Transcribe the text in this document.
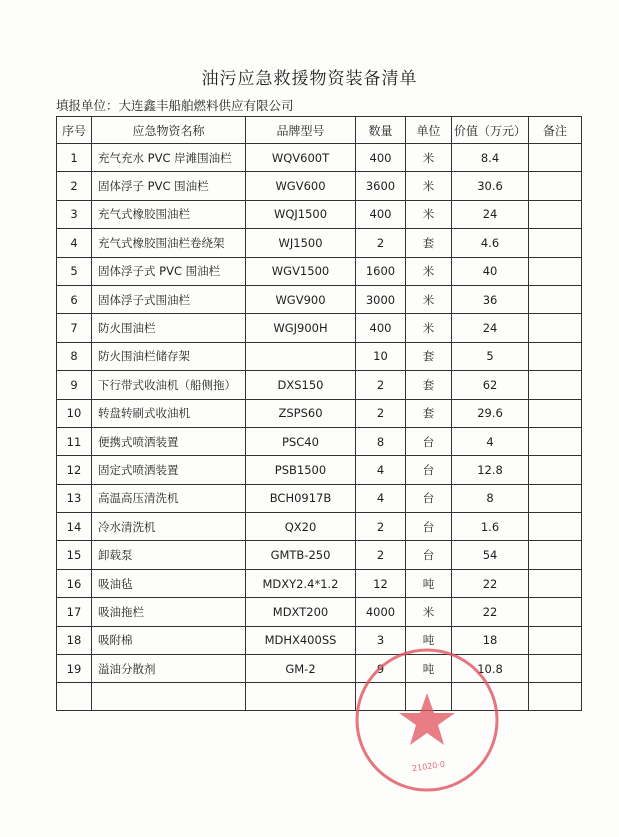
油污应急救援物资装备清单
填报单位：大连鑫丰船舶燃料供应有限公司
序号	应急物资名称	品牌型号	数量	单位	价值（万元）	备注
1	充气充水 PVC 岸滩围油栏	WQV600T	400	米	8.4	
2	固体浮子 PVC 围油栏	WGV600	3600	米	30.6	
3	充气式橡胶围油栏	WQJ1500	400	米	24	
4	充气式橡胶围油栏卷绕架	WJ1500	2	套	4.6	
5	固体浮子式 PVC 围油栏	WGV1500	1600	米	40	
6	固体浮子式围油栏	WGV900	3000	米	36	
7	防火围油栏	WGJ900H	400	米	24	
8	防火围油栏储存架		10	套	5	
9	下行带式收油机（船侧拖）	DXS150	2	套	62	
10	转盘转刷式收油机	ZSPS60	2	套	29.6	
11	便携式喷洒装置	PSC40	8	台	4	
12	固定式喷洒装置	PSB1500	4	台	12.8	
13	高温高压清洗机	BCH0917B	4	台	8	
14	冷水清洗机	QX20	2	台	1.6	
15	卸载泵	GMTB-250	2	台	54	
16	吸油毡	MDXY2.4*1.2	12	吨	22	
17	吸油拖栏	MDXT200	4000	米	22	
18	吸附棉	MDHX400SS	3	吨	18	
19	溢油分散剂	GM-2	9	吨	10.8	

21020·0
